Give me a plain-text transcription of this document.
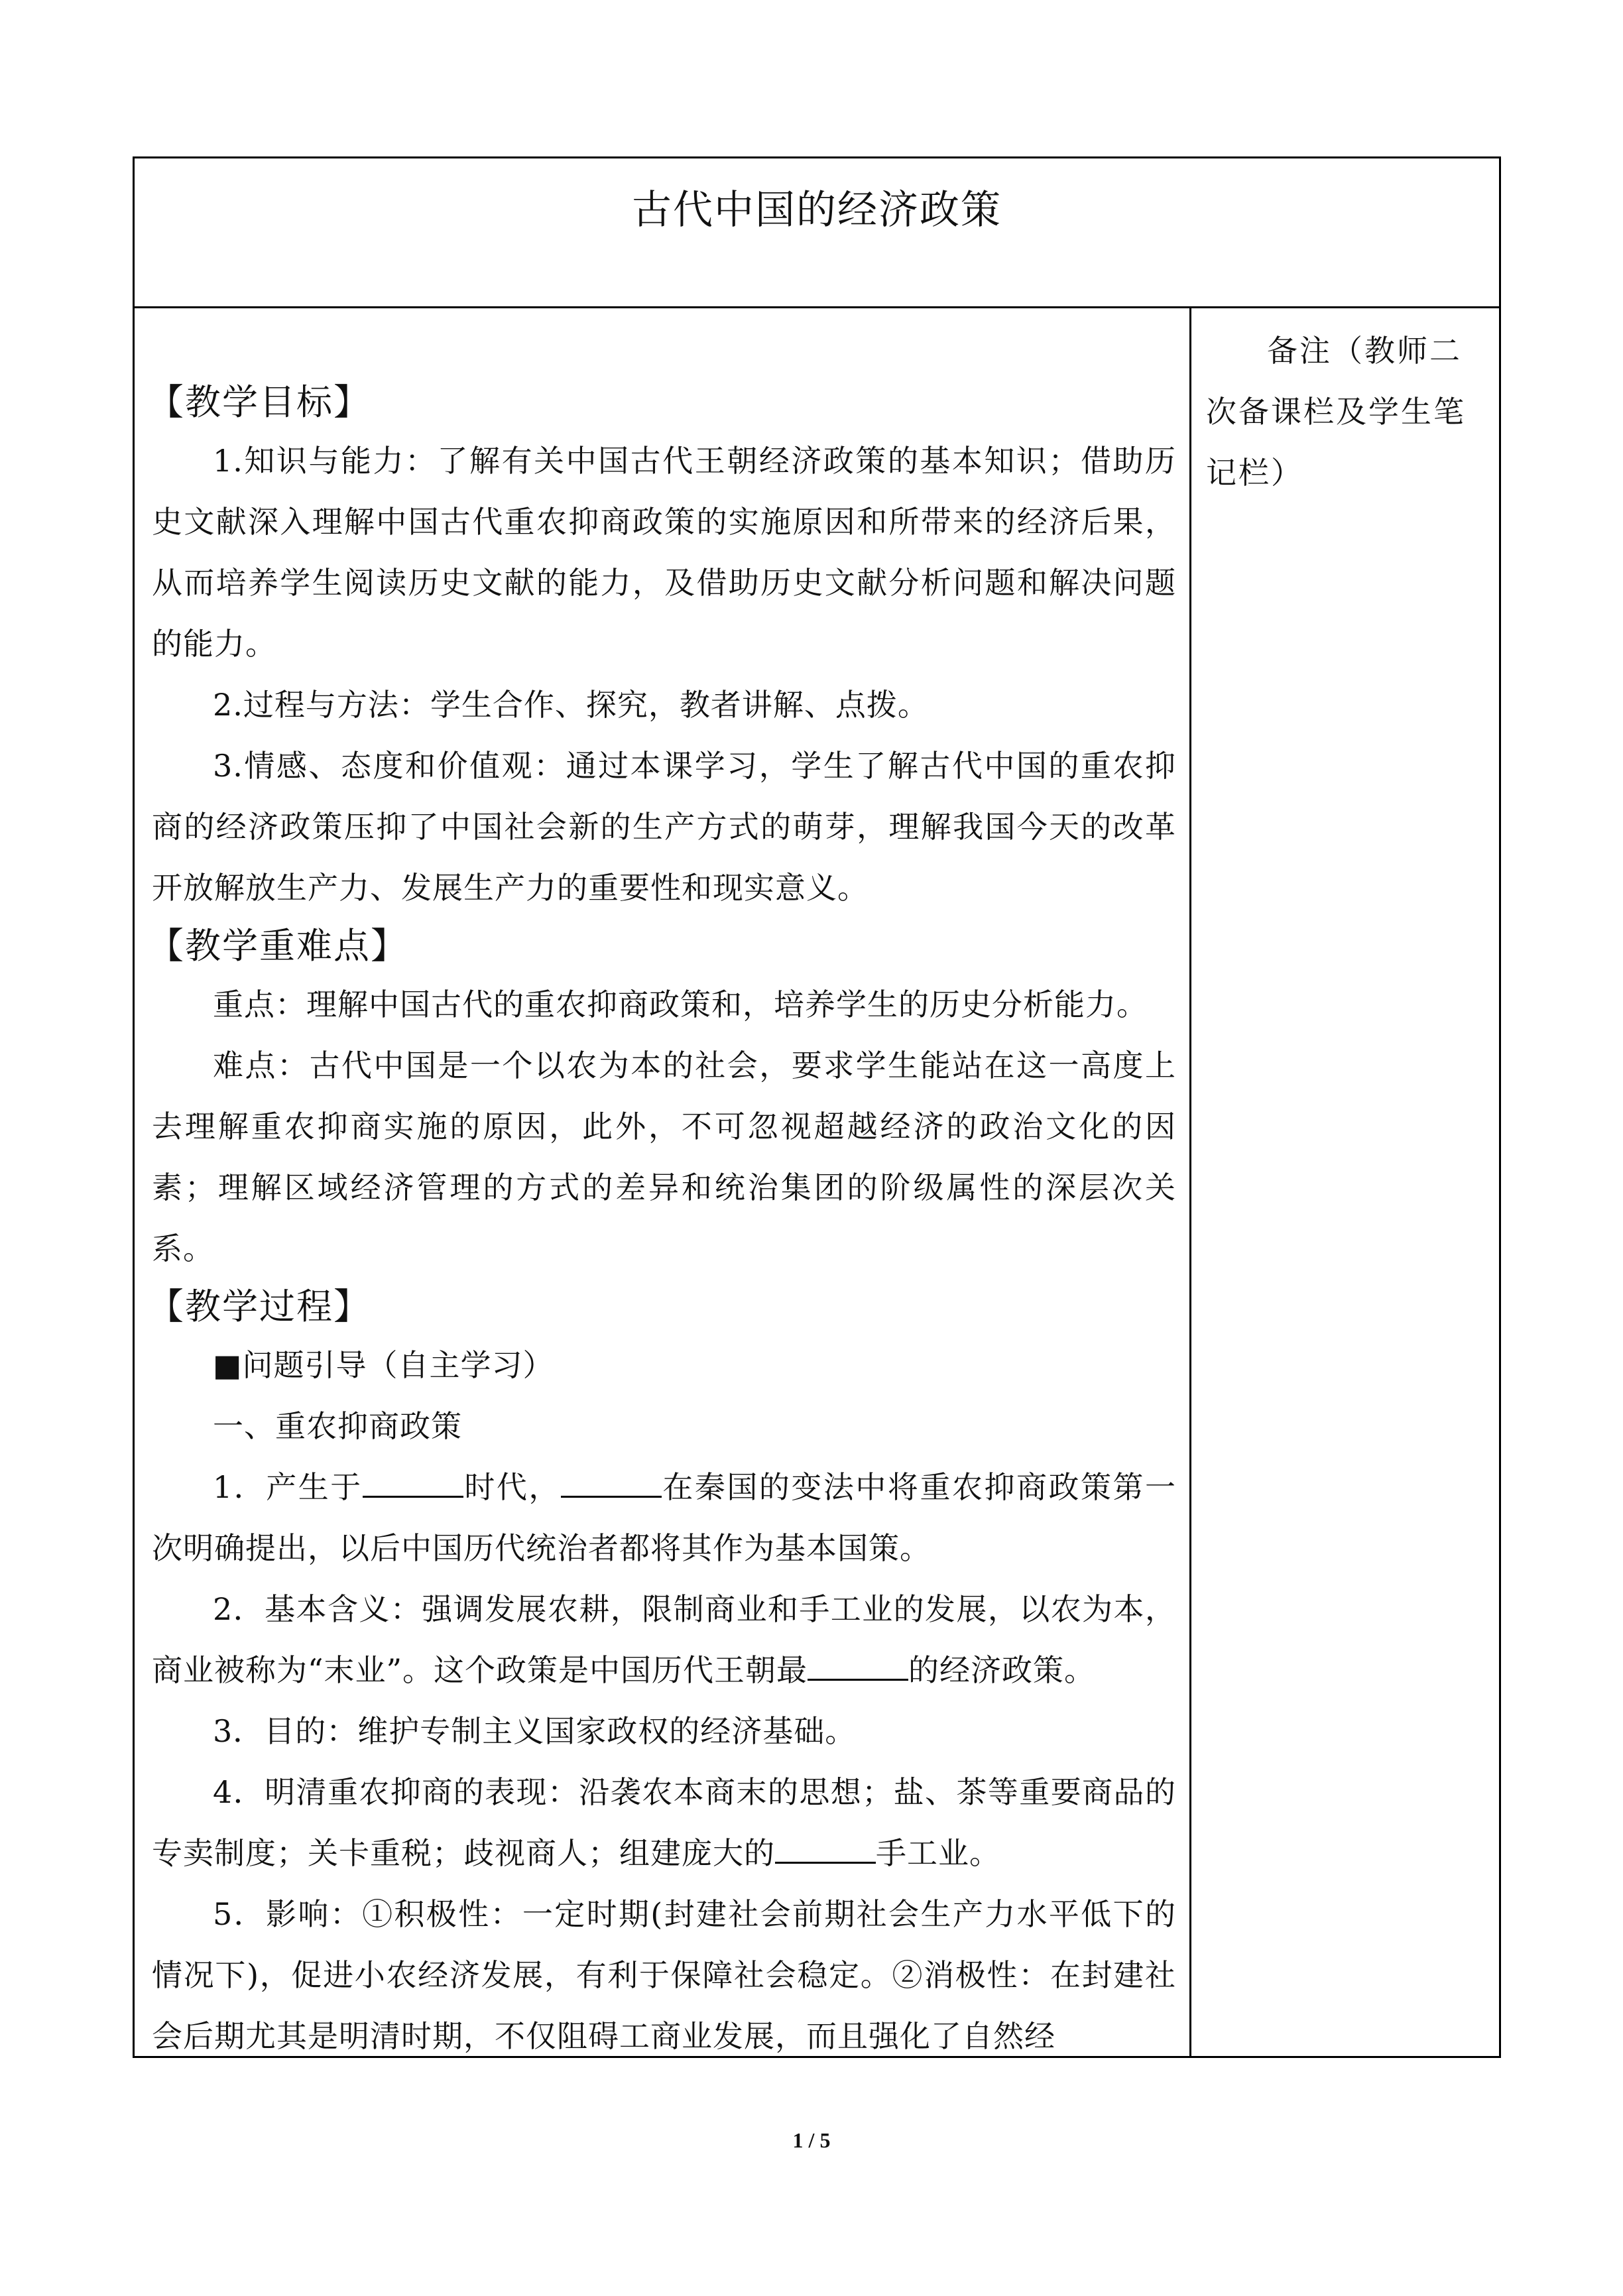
古代中国的经济政策
【教学目标】

1.知识与能力：了解有关中国古代王朝经济政策的基本知识；借助历史文献深入理解中国古代重农抑商政策的实施原因和所带来的经济后果，从而培养学生阅读历史文献的能力，及借助历史文献分析问题和解决问题的能力。

2.过程与方法：学生合作、探究，教者讲解、点拨。

3.情感、态度和价值观：通过本课学习，学生了解古代中国的重农抑商的经济政策压抑了中国社会新的生产方式的萌芽，理解我国今天的改革开放解放生产力、发展生产力的重要性和现实意义。

【教学重难点】

重点：理解中国古代的重农抑商政策和，培养学生的历史分析能力。

难点：古代中国是一个以农为本的社会，要求学生能站在这一高度上去理解重农抑商实施的原因，此外，不可忽视超越经济的政治文化的因素；理解区域经济管理的方式的差异和统治集团的阶级属性的深层次关系。

【教学过程】

■问题引导（自主学习）

一、重农抑商政策

1．产生于	时代，	在秦国的变法中将重农抑商政策第一次明确提出，以后中国历代统治者都将其作为基本国策。

2．基本含义：强调发展农耕，限制商业和手工业的发展，以农为本，商业被称为“末业”。这个政策是中国历代王朝最	的经济政策。

3．目的：维护专制主义国家政权的经济基础。

4．明清重农抑商的表现：沿袭农本商末的思想；盐、茶等重要商品的专卖制度；关卡重税；歧视商人；组建庞大的	手工业。

5．影响：①积极性：一定时期(封建社会前期社会生产力水平低下的情况下)，促进小农经济发展，有利于保障社会稳定。②消极性：在封建社会后期尤其是明清时期，不仅阻碍工商业发展，而且强化了自然经

备注（教师二次备课栏及学生笔记栏）
1 / 5
